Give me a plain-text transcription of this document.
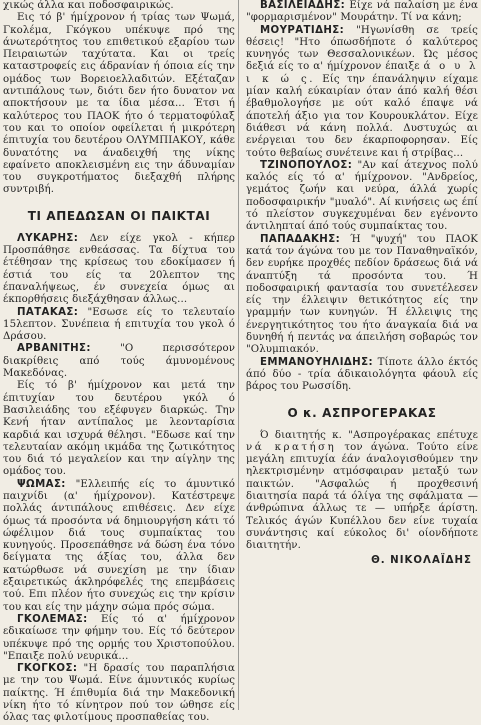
χικώς άλλα και ποδοσφαιρικώς.

Εις τό β' ήμίχρονον ή τρίας των Ψωμά, Γκολέμα, Γκόγκου υπέκυψε πρό της άνωτερότητος του επιθετικού εξαρίου των Πειραιωτών ταχύτατα. Και οι τρείς καταστροφείς εις άδρανίαν ή όποια είς την ομάδος των Βορειοελλαδιτών. Εξέταζαν αντιπάλους των, διότι δεν ήτο δυνατον να αποκτήσουν με τα ίδια μέσα... Έτσι ή καλύτερος του ΠΑΟΚ ήτο ό τερματοφύλαξ του και το οποίον οφείλεται ή μικρότερη έπιτυχία του δευτέρου ΟΛΥΜΠΙΑΚΟΥ, κάθε δυνατότης να άναδειχθή της νίκης εφαίνετο αποκλεισμένη εις την άδυναμίαν του συγκροτήματος διεξαχθή πλήρης συντριβή.

ΤΙ ΑΠΕΔΩΣΑΝ ΟΙ ΠΑΙΚΤΑΙ

ΛΥΚΑΡΗΣ: Δεν είχε γκολ - κήπερ Προσπάθησε ενθεάσσας. Τα δίχτυα του έτέθησαν της κρίσεως του εδοκίμασεν ή έστιά του είς τα 20λεπτον της έπαναλήψεως, έν συνεχεία όμως αι έκπορθήσεις διεξάχθησαν άλλως...

ΠΑΤΑΚΑΣ: "Εσωσε είς το τελευταίο 15λεπτον. Συνέπεια ή επιτυχία του γκολ ό Δράσου.

ΑΡΒΑΝΙΤΗΣ:	"Ο περισσότερον διακρίθεις από τούς άμυνομένους Μακεδόνας.

Είς τό β' ήμίχρονον και μετά την έπιτυχίαν του δευτέρου γκόλ ό Βασιλειάδης του εξέφυγεν διαρκώς. Την Κενή ήταν αντίπαλος με λεονταρίσια καρδιά και ισχυρά θέλησι. "Εδωσε καί την τελευταίαν ακόμη ικμάδα της ζωτικότητος του διά τό μεγαλείον και την αίγλην της ομάδος του.

ΨΩΜΑΣ: "Ελλειπής είς το άμυντικό παιχνίδι (α' ήμίχρονον). Κατέστρεψε πολλάς άντιπάλους επιθέσεις. Δεν είχε όμως τά προσόντα νά δημιουργήση κάτι τό ώφέλιμον διά τους συμπαίκτας του κυνηγούς. Προσεπάθησε νά δώση ένα τόνο δείγματα της άξίας του, άλλα δεν κατώρθωσε νά συνεχίση με την ίδιαν εξαιρετικώς άκληρόφελές της επεμβάσεις τού. Επι πλέον ήτο συνεχώς εις την κρίσιν του και είς την μάχην σώμα πρός σώμα.

ΓΚΟΛΕΜΑΣ: Είς τό α' ήμίχρονον εδικαίωσε την φήμην του. Είς τό δεύτερον υπέκυψε πρό της ορμής του Χριστοπούλου. "Επαιξε πολύ νευρικά...

ΓΚΟΓΚΟΣ: "Η δρασίς του παραπλήσια με την του Ψωμά. Είνε άμυντικός κυρίως παίκτης. Ή έπιθυμία διά την Μακεδονική νίκη ήτο τό κίνητρον πού τον ώθησε είς όλας τας φιλοτίμους προσπαθείας του.

ΒΑΣΙΛΕΙΑΔΗΣ: Είχε νά παλαίση με ένα "φορμαρισμένον" Μουράτην. Τί να κάνη;

ΜΟΥΡΑΤΙΔΗΣ: "Ηγωνίσθη σε τρείς θέσεις! "Ητο όπωσδήποτε ό καλύτερος κυνηγός των Θεσσαλονικέων. Ώς μέσος δεξιά είς το α' ήμίχρονον έπαιξε ά ο υ λ ι κ ώ ς. Είς την έπανάληψιν είχαμε μίαν καλή εύκαιρίαν όταν άπό καλή θέσι έβαθμολογήσε με ούτ καλό έπαψε νά άποτελή άξιο για τον Κουρουκλάτον. Είχε διάθεσι νά κάνη πολλά. Δυστυχώς αι ενέργειαι του δεν έκαρποφορησαν. Είς τούτο θεβαίως συνέτεινε και ή στρίβας...

ΤΖΙΝΟΠΟΥΛΟΣ: "Αν καί άτεχνος πολύ καλός είς τό α' ήμίχρονον. "Ανδρείος, γεμάτος ζωήν και νεύρα, άλλά χωρίς ποδοσφαιρικήν "μυαλό". Αί κινήσεις ως έπί τό πλείστον συγκεχυμέναι δεν εγένοντο άντιληπταί άπό τούς συμπαίκτας του.

ΠΑΠΑΔΑΚΗΣ: Ή "ψυχή" του ΠΑΟΚ κατά τον άγώνα του με τον Παναθηναϊκόν, δεν ευρήκε προχθές πεδίον δράσεως διά νά άναπτύξη τά προσόντα του. Ή ποδοσφαιρική φαντασία του συνετέλεσεν είς την έλλειψιν θετικότητος είς την γραμμήν των κυνηγών. Ή έλλειψις της ένεργητικότητος του ήτο άναγκαία διά να δυνηθή ή πεντάς να άπειλήση σοβαρώς τον "Ολυμπιακόν.

ΕΜΜΑΝΟΥΗΛΙΔΗΣ: Τίποτε άλλο έκτός άπό δύο - τρία άδικαιολόγητα φάουλ είς βάρος του Ρωσσίδη.

Ο κ. ΑΣΠΡΟΓΕΡΑΚΑΣ

Ό διαιτητής κ. "Ασπρογέρακας επέτυχε νά κρατήση τον άγώνα. Τούτο είνε μεγάλη επιτυχία έάν άναλογισθούμεν την ηλεκτρισμένην ατμόσφαιραν μεταξύ των παικτών. "Ασφαλώς ή προχθεσινή διαιτησία παρά τά όλίγα της σφάλματα — άνθρώπινα άλλως τε — υπήρξε άρίστη. Τελικός άγών Κυπέλλου δεν είνε τυχαία συνάντησις καί εύκολος δι' οίονδήποτε διαιτητήν.

Θ. ΝΙΚΟΛΑΪΔΗΣ
